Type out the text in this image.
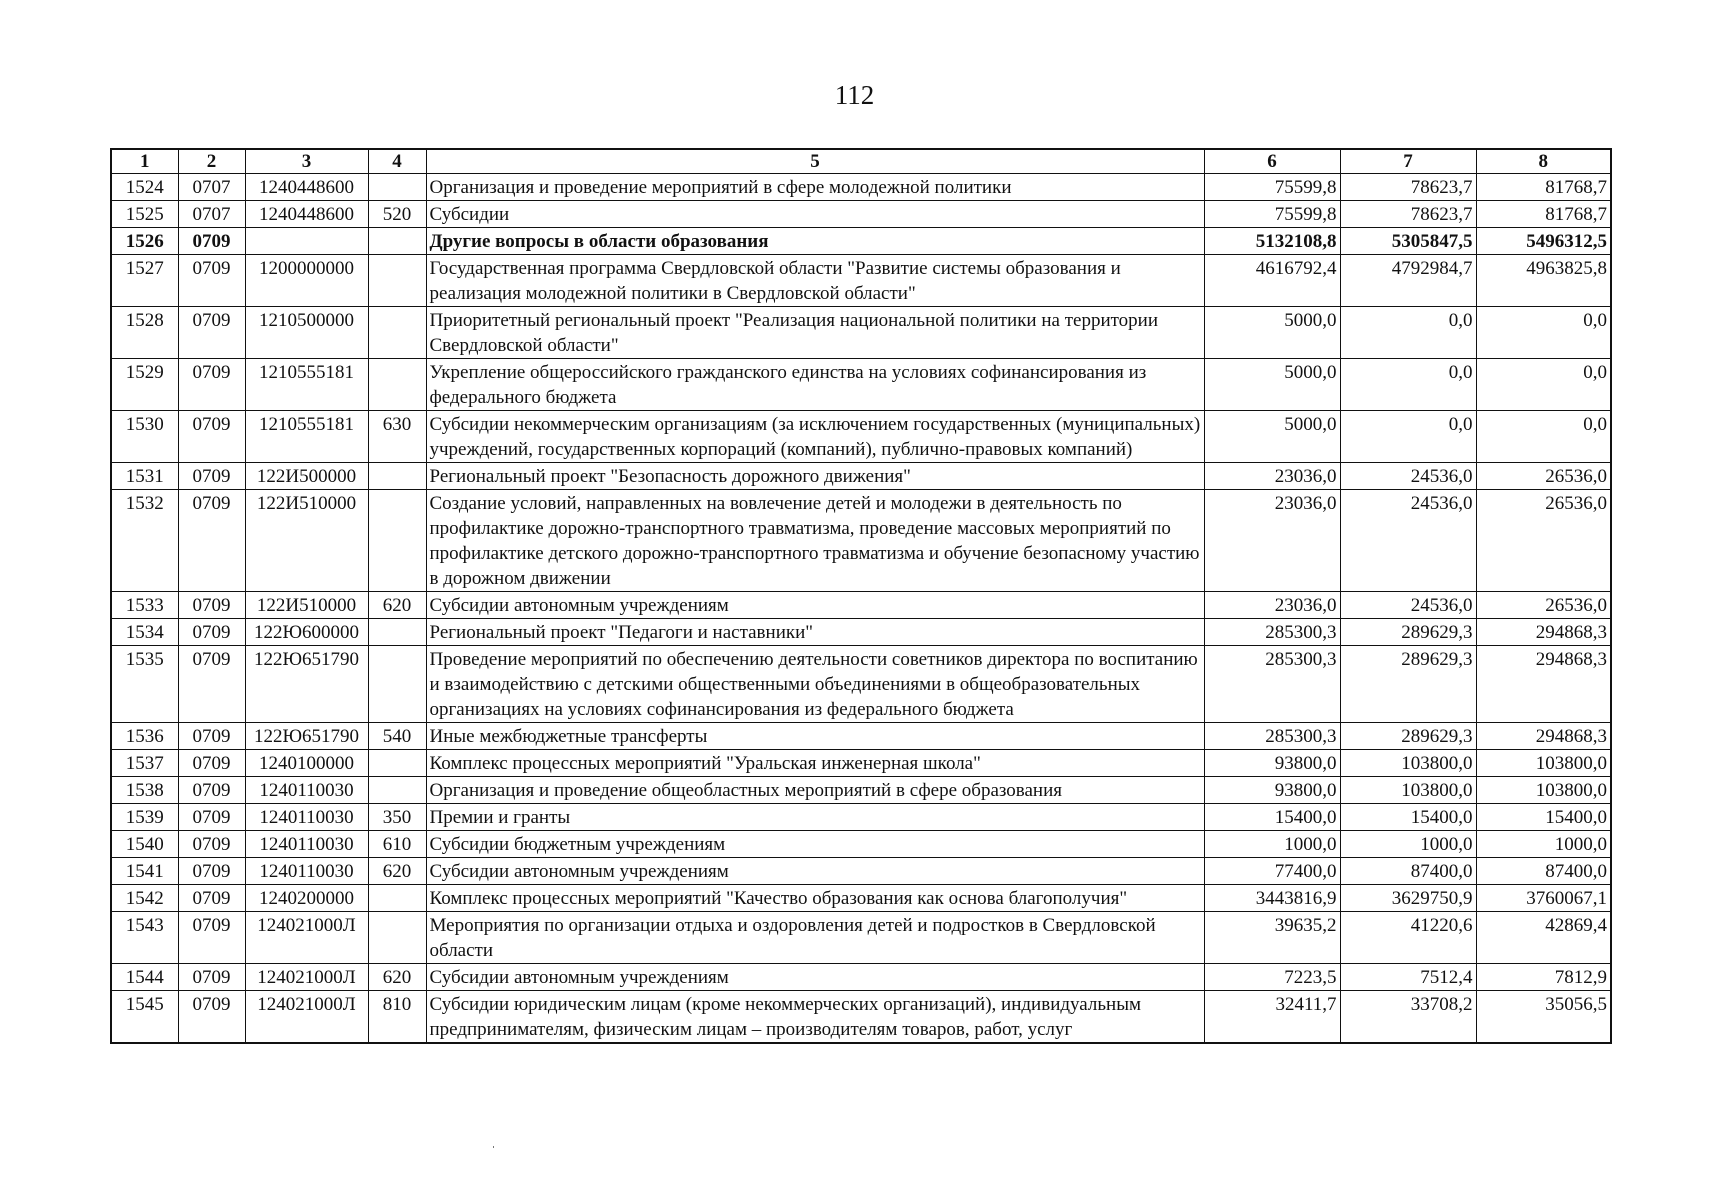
112
1	2	3	4	5	6	7	8
1524	0707	1240448600		Организация и проведение мероприятий в сфере молодежной политики	75599,8	78623,7	81768,7
1525	0707	1240448600	520	Субсидии	75599,8	78623,7	81768,7
1526	0709			Другие вопросы в области образования	5132108,8	5305847,5	5496312,5
1527	0709	1200000000		Государственная программа Свердловской области "Развитие системы образования и реализация молодежной политики в Свердловской области"	4616792,4	4792984,7	4963825,8
1528	0709	1210500000		Приоритетный региональный проект "Реализация национальной политики на территории Свердловской области"	5000,0	0,0	0,0
1529	0709	1210555181		Укрепление общероссийского гражданского единства на условиях софинансирования из федерального бюджета	5000,0	0,0	0,0
1530	0709	1210555181	630	Субсидии некоммерческим организациям (за исключением государственных (муниципальных) учреждений, государственных корпораций (компаний), публично-правовых компаний)	5000,0	0,0	0,0
1531	0709	122И500000		Региональный проект "Безопасность дорожного движения"	23036,0	24536,0	26536,0
1532	0709	122И510000		Создание условий, направленных на вовлечение детей и молодежи в деятельность по профилактике дорожно-транспортного травматизма, проведение массовых мероприятий по профилактике детского дорожно-транспортного травматизма и обучение безопасному участию в дорожном движении	23036,0	24536,0	26536,0
1533	0709	122И510000	620	Субсидии автономным учреждениям	23036,0	24536,0	26536,0
1534	0709	122Ю600000		Региональный проект "Педагоги и наставники"	285300,3	289629,3	294868,3
1535	0709	122Ю651790		Проведение мероприятий по обеспечению деятельности советников директора по воспитанию и взаимодействию с детскими общественными объединениями в общеобразовательных организациях на условиях софинансирования из федерального бюджета	285300,3	289629,3	294868,3
1536	0709	122Ю651790	540	Иные межбюджетные трансферты	285300,3	289629,3	294868,3
1537	0709	1240100000		Комплекс процессных мероприятий "Уральская инженерная школа"	93800,0	103800,0	103800,0
1538	0709	1240110030		Организация и проведение общеобластных мероприятий в сфере образования	93800,0	103800,0	103800,0
1539	0709	1240110030	350	Премии и гранты	15400,0	15400,0	15400,0
1540	0709	1240110030	610	Субсидии бюджетным учреждениям	1000,0	1000,0	1000,0
1541	0709	1240110030	620	Субсидии автономным учреждениям	77400,0	87400,0	87400,0
1542	0709	1240200000		Комплекс процессных мероприятий "Качество образования как основа благополучия"	3443816,9	3629750,9	3760067,1
1543	0709	124021000Л		Мероприятия по организации отдыха и оздоровления детей и подростков в Свердловской области	39635,2	41220,6	42869,4
1544	0709	124021000Л	620	Субсидии автономным учреждениям	7223,5	7512,4	7812,9
1545	0709	124021000Л	810	Субсидии юридическим лицам (кроме некоммерческих организаций), индивидуальным предпринимателям, физическим лицам – производителям товаров, работ, услуг	32411,7	33708,2	35056,5
